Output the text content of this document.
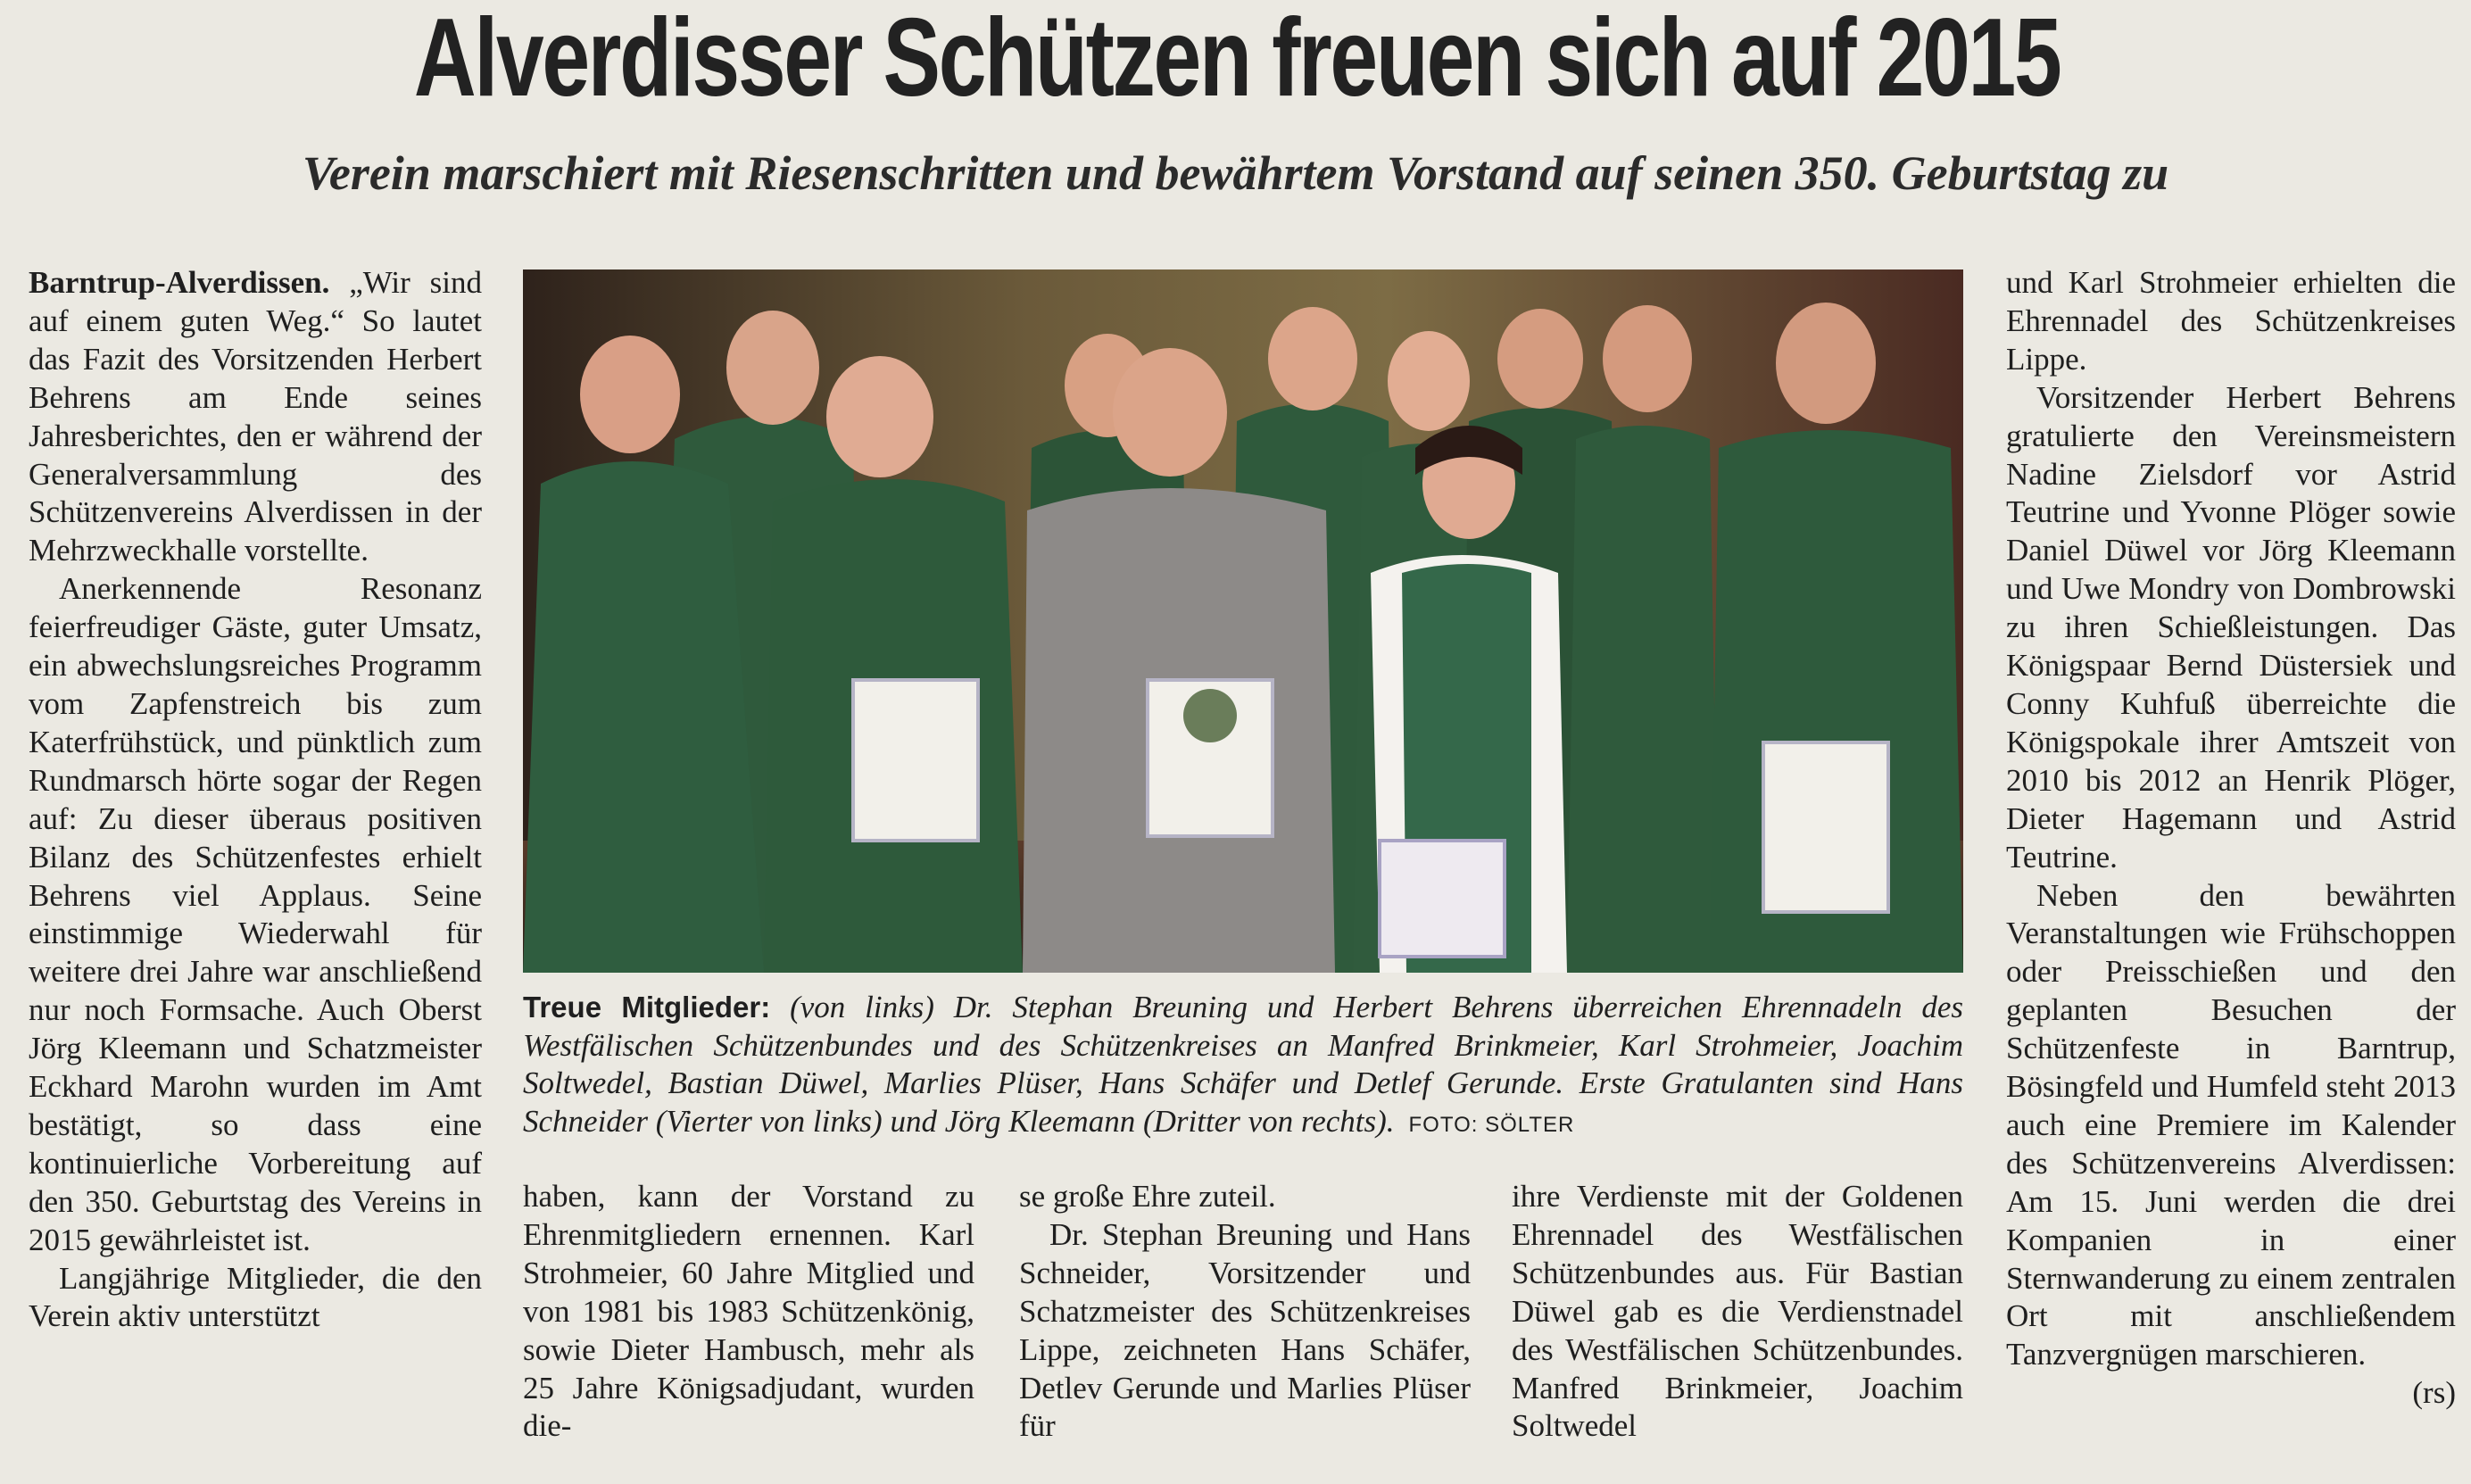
Alverdisser Schützen freuen sich auf 2015
Verein marschiert mit Riesenschritten und bewährtem Vorstand auf seinen 350. Geburtstag zu

Barntrup-Alverdissen. „Wir sind auf einem guten Weg.“ So lautet das Fazit des Vorsitzenden Herbert Behrens am Ende seines Jahresberichtes, den er während der Generalversammlung des Schützenvereins Alverdissen in der Mehrzweckhalle vorstellte.

Anerkennende Resonanz feierfreudiger Gäste, guter Umsatz, ein abwechslungsreiches Programm vom Zapfenstreich bis zum Katerfrühstück, und pünktlich zum Rundmarsch hörte sogar der Regen auf: Zu dieser überaus positiven Bilanz des Schützenfestes erhielt Behrens viel Applaus. Seine einstimmige Wiederwahl für weitere drei Jahre war anschließend nur noch Formsache. Auch Oberst Jörg Kleemann und Schatzmeister Eckhard Marohn wurden im Amt bestätigt, so dass eine kontinuierliche Vorbereitung auf den 350. Geburtstag des Vereins in 2015 gewährleistet ist.

Langjährige Mitglieder, die den Verein aktiv unterstützt

Treue Mitglieder: (von links) Dr. Stephan Breuning und Herbert Behrens überreichen Ehrennadeln des Westfälischen Schützenbundes und des Schützenkreises an Manfred Brinkmeier, Karl Strohmeier, Joachim Soltwedel, Bastian Düwel, Marlies Plüser, Hans Schäfer und Detlef Gerunde. Erste Gratulanten sind Hans Schneider (Vierter von links) und Jörg Kleemann (Dritter von rechts). FOTO: SÖLTER

haben, kann der Vorstand zu Ehrenmitgliedern ernennen. Karl Strohmeier, 60 Jahre Mitglied und von 1981 bis 1983 Schützenkönig, sowie Dieter Hambusch, mehr als 25 Jahre Königsadjudant, wurden die-

se große Ehre zuteil.

Dr. Stephan Breuning und Hans Schneider, Vorsitzender und Schatzmeister des Schützenkreises Lippe, zeichneten Hans Schäfer, Detlev Gerunde und Marlies Plüser für

ihre Verdienste mit der Goldenen Ehrennadel des Westfälischen Schützenbundes aus. Für Bastian Düwel gab es die Verdienstnadel des Westfälischen Schützenbundes. Manfred Brinkmeier, Joachim Soltwedel

und Karl Strohmeier erhielten die Ehrennadel des Schützenkreises Lippe.

Vorsitzender Herbert Behrens gratulierte den Vereinsmeistern Nadine Zielsdorf vor Astrid Teutrine und Yvonne Plöger sowie Daniel Düwel vor Jörg Kleemann und Uwe Mondry von Dombrowski zu ihren Schießleistungen. Das Königspaar Bernd Düstersiek und Conny Kuhfuß überreichte die Königspokale ihrer Amtszeit von 2010 bis 2012 an Henrik Plöger, Dieter Hagemann und Astrid Teutrine.

Neben den bewährten Veranstaltungen wie Frühschoppen oder Preisschießen und den geplanten Besuchen der Schützenfeste in Barntrup, Bösingfeld und Humfeld steht 2013 auch eine Premiere im Kalender des Schützenvereins Alverdissen: Am 15. Juni werden die drei Kompanien in einer Sternwanderung zu einem zentralen Ort mit anschließendem Tanzvergnügen marschieren.

(rs)
